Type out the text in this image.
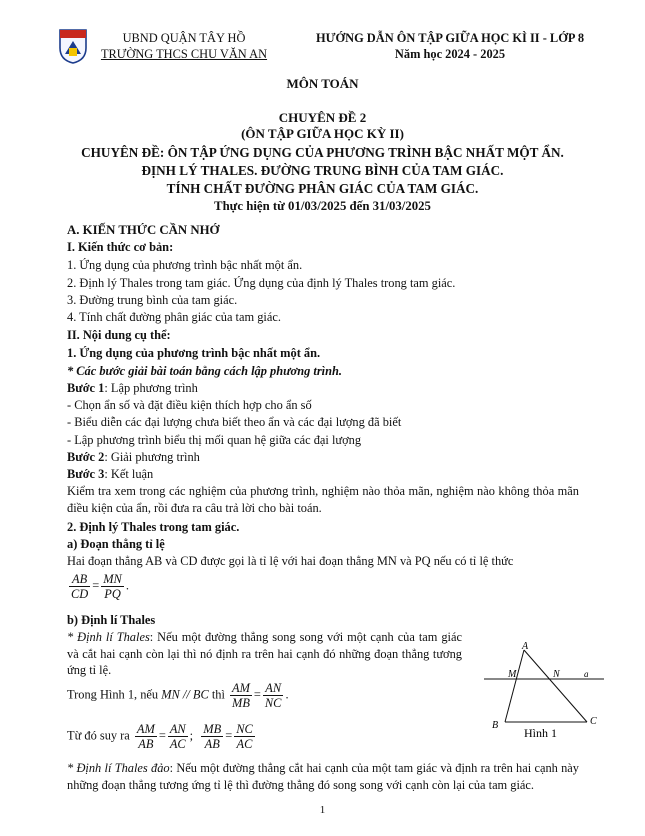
UBND QUẬN TÂY HỒ
TRƯỜNG THCS CHU VĂN AN
HƯỚNG DẪN ÔN TẬP GIỮA HỌC KÌ II - LỚP 8
Năm học 2024 - 2025
MÔN TOÁN
CHUYÊN ĐỀ 2
(ÔN TẬP GIỮA HỌC KỲ II)
CHUYÊN ĐỀ: ÔN TẬP ỨNG DỤNG CỦA PHƯƠNG TRÌNH BẬC NHẤT MỘT ẨN.
ĐỊNH LÝ THALES. ĐƯỜNG TRUNG BÌNH CỦA TAM GIÁC.
TÍNH CHẤT ĐƯỜNG PHÂN GIÁC CỦA TAM GIÁC.
Thực hiện từ 01/03/2025 đến 31/03/2025
A. KIẾN THỨC CẦN NHỚ
I. Kiến thức cơ bản:
1. Ứng dụng của phương trình bậc nhất một ẩn.
2. Định lý Thales trong tam giác. Ứng dụng của định lý Thales trong tam giác.
3. Đường trung bình của tam giác.
4. Tính chất đường phân giác của tam giác.
II. Nội dung cụ thể:
1. Ứng dụng của phương trình bậc nhất một ẩn.
* Các bước giải bài toán bằng cách lập phương trình.
Bước 1: Lập phương trình
- Chọn ẩn số và đặt điều kiện thích hợp cho ẩn số
- Biểu diễn các đại lượng chưa biết theo ẩn và các đại lượng đã biết
- Lập phương trình biểu thị mối quan hệ giữa các đại lượng
Bước 2: Giải phương trình
Bước 3: Kết luận
Kiểm tra xem trong các nghiệm của phương trình, nghiệm nào thỏa mãn, nghiệm nào không thỏa mãn điều kiện của ẩn, rồi đưa ra câu trả lời cho bài toán.
2. Định lý Thales trong tam giác.
a) Đoạn thẳng tỉ lệ
Hai đoạn thẳng AB và CD được gọi là tỉ lệ với hai đoạn thẳng MN và PQ nếu có tỉ lệ thức
$\frac{AB}{CD} = \frac{MN}{PQ}$ .
b) Định lí Thales
* Định lí Thales: Nếu một đường thẳng song song với một cạnh của tam giác và cắt hai cạnh còn lại thì nó định ra trên hai cạnh đó những đoạn thẳng tương ứng tỉ lệ.
Trong Hình 1, nếu MN // BC thì $\frac{AM}{MB} = \frac{AN}{NC}$ .
Từ đó suy ra $\frac{AM}{AB} = \frac{AN}{AC}$ ; $\frac{MB}{AB} = \frac{NC}{AC}$
* Định lí Thales đảo: Nếu một đường thẳng cắt hai cạnh của một tam giác và định ra trên hai cạnh này những đoạn thẳng tương ứng tỉ lệ thì đường thẳng đó song song với cạnh còn lại của tam giác.
A
M	N	a
B	C
Hình 1
1
